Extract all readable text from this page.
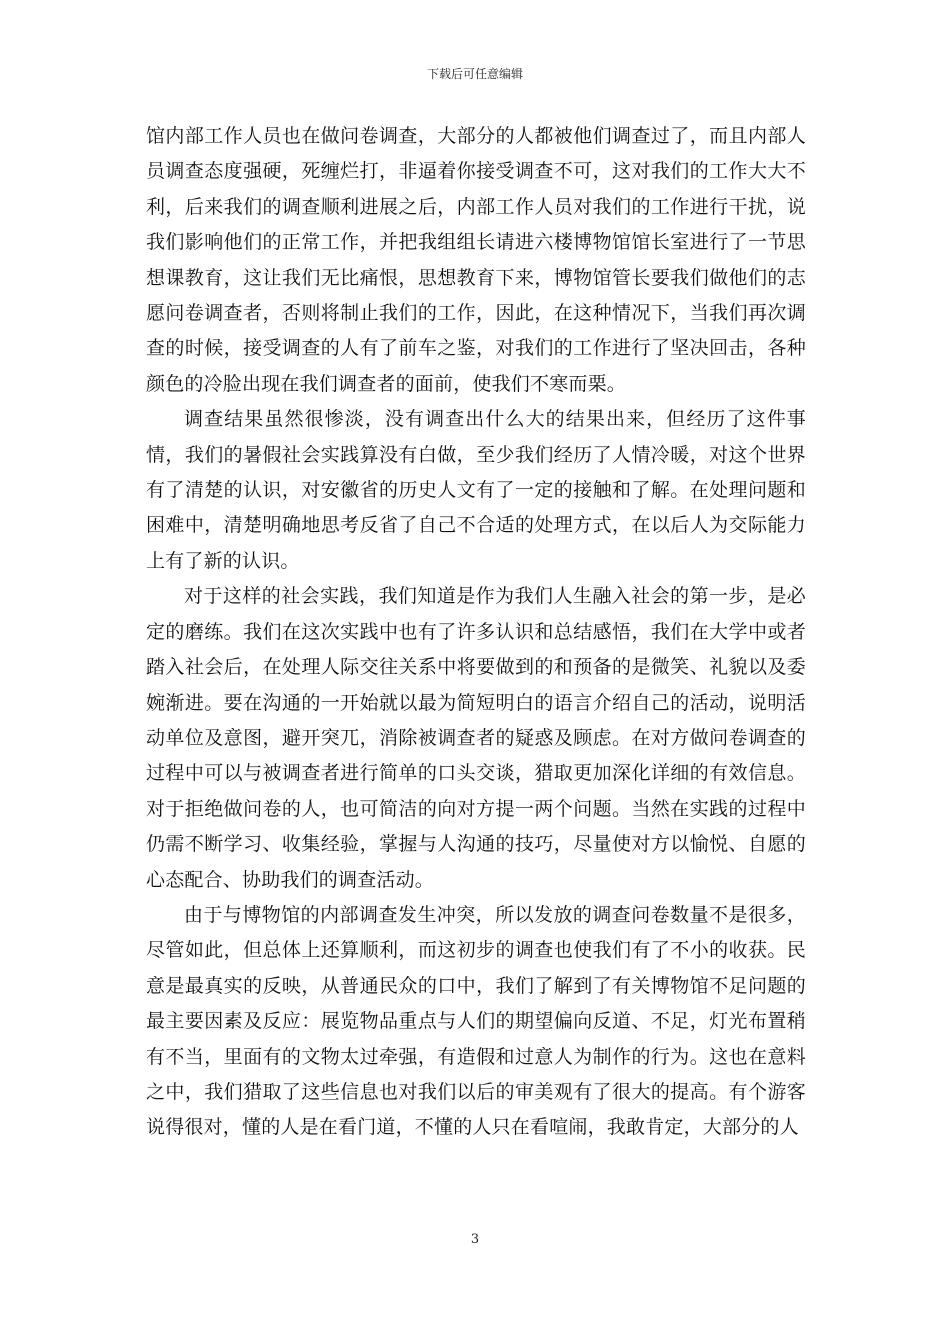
下载后可任意编辑

馆内部工作人员也在做问卷调查，大部分的人都被他们调查过了，而且内部人员调查态度强硬，死缠烂打，非逼着你接受调查不可，这对我们的工作大大不利，后来我们的调查顺利进展之后，内部工作人员对我们的工作进行干扰，说我们影响他们的正常工作，并把我组组长请进六楼博物馆馆长室进行了一节思想课教育，这让我们无比痛恨，思想教育下来，博物馆管长要我们做他们的志愿问卷调查者，否则将制止我们的工作，因此，在这种情况下，当我们再次调查的时候，接受调查的人有了前车之鉴，对我们的工作进行了坚决回击，各种颜色的冷脸出现在我们调查者的面前，使我们不寒而栗。

调查结果虽然很惨淡，没有调查出什么大的结果出来，但经历了这件事情，我们的暑假社会实践算没有白做，至少我们经历了人情冷暖，对这个世界有了清楚的认识，对安徽省的历史人文有了一定的接触和了解。在处理问题和困难中，清楚明确地思考反省了自己不合适的处理方式，在以后人为交际能力上有了新的认识。

对于这样的社会实践，我们知道是作为我们人生融入社会的第一步，是必定的磨练。我们在这次实践中也有了许多认识和总结感悟，我们在大学中或者踏入社会后，在处理人际交往关系中将要做到的和预备的是微笑、礼貌以及委婉渐进。要在沟通的一开始就以最为简短明白的语言介绍自己的活动，说明活动单位及意图，避开突兀，消除被调查者的疑惑及顾虑。在对方做问卷调查的过程中可以与被调查者进行简单的口头交谈，猎取更加深化详细的有效信息。对于拒绝做问卷的人，也可简洁的向对方提一两个问题。当然在实践的过程中仍需不断学习、收集经验，掌握与人沟通的技巧，尽量使对方以愉悦、自愿的心态配合、协助我们的调查活动。

由于与博物馆的内部调查发生冲突，所以发放的调查问卷数量不是很多，尽管如此，但总体上还算顺利，而这初步的调查也使我们有了不小的收获。民意是最真实的反映，从普通民众的口中，我们了解到了有关博物馆不足问题的最主要因素及反应：展览物品重点与人们的期望偏向反道、不足，灯光布置稍有不当，里面有的文物太过牵强，有造假和过意人为制作的行为。这也在意料之中，我们猎取了这些信息也对我们以后的审美观有了很大的提高。有个游客说得很对，懂的人是在看门道，不懂的人只在看喧闹，我敢肯定，大部分的人

3
